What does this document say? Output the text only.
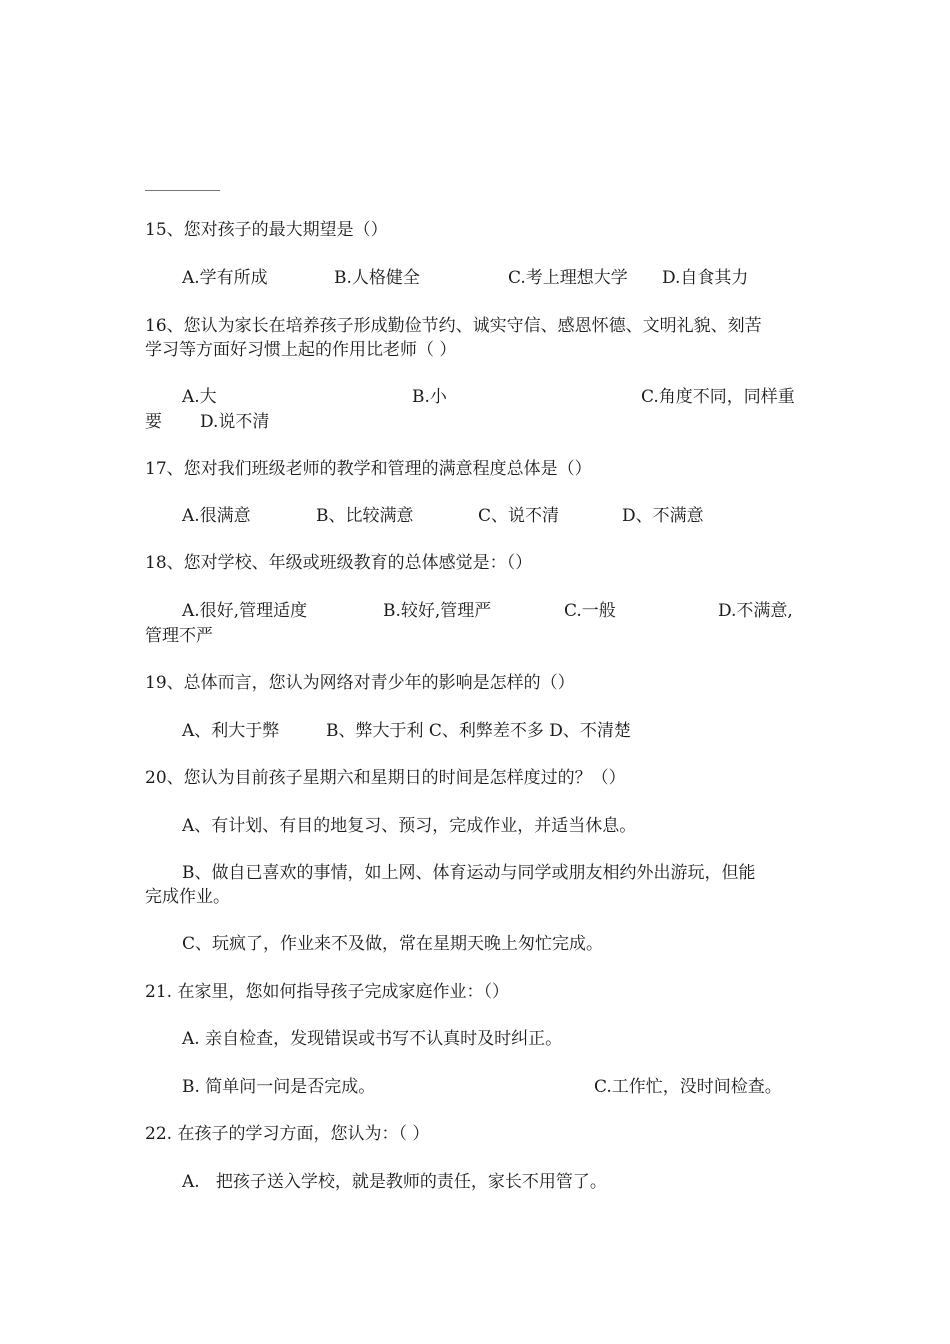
15、您对孩子的最大期望是（）
A.学有所成	B.人格健全	C.考上理想大学 D.自食其力
16、您认为家长在培养孩子形成勤俭节约、诚实守信、感恩怀德、文明礼貌、刻苦
学习等方面好习惯上起的作用比老师（ ）
A.大	B.小	C.角度不同，同样重
要 D.说不清
17、您对我们班级老师的教学和管理的满意程度总体是（）
A.很满意	B、比较满意	C、说不清	D、不满意
18、您对学校、年级或班级教育的总体感觉是：（）
A.很好,管理适度	B.较好,管理严	C.一般	D.不满意,
管理不严
19、总体而言，您认为网络对青少年的影响是怎样的（）
A、利大于弊	B、弊大于利 C、利弊差不多 D、不清楚
20、您认为目前孩子星期六和星期日的时间是怎样度过的？（）
A、有计划、有目的地复习、预习，完成作业，并适当休息。
B、做自已喜欢的事情，如上网、体育运动与同学或朋友相约外出游玩，但能
完成作业。
C、玩疯了，作业来不及做，常在星期天晚上匆忙完成。
21. 在家里，您如何指导孩子完成家庭作业：（）
A. 亲自检查，发现错误或书写不认真时及时纠正。
B. 简单问一问是否完成。	C.工作忙，没时间检查。
22. 在孩子的学习方面，您认为：（ ）
A.   把孩子送入学校，就是教师的责任，家长不用管了。
